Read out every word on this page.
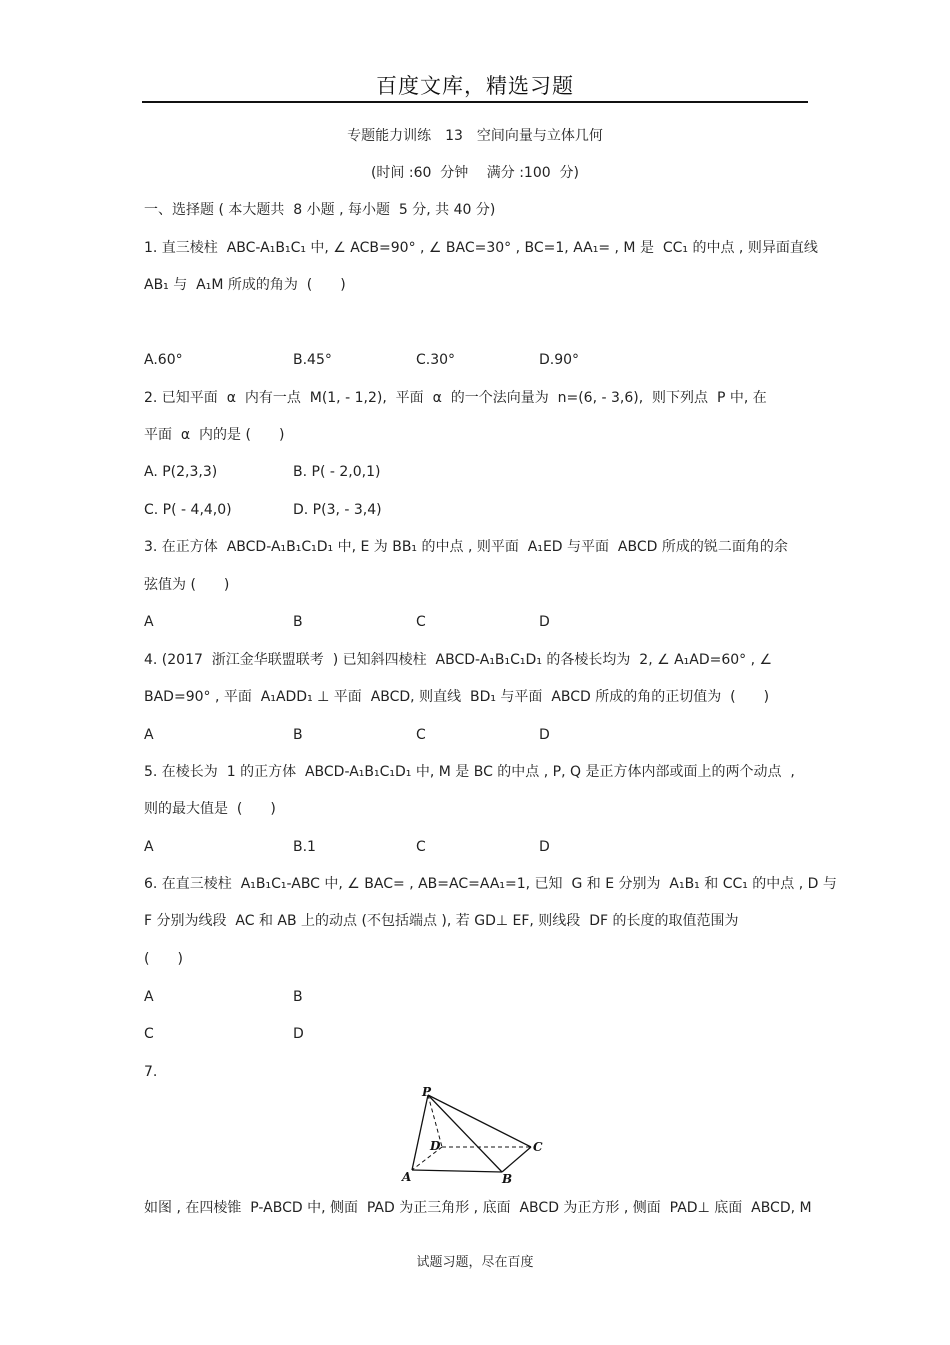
百度文库，精选习题
专题能力训练　13　空间向量与立体几何
(时间 :60  分钟　 满分 :100  分)
一、选择题 ( 本大题共  8 小题 , 每小题  5 分, 共 40 分)
1. 直三棱柱  ABC-A₁B₁C₁ 中, ∠ ACB=90° , ∠ BAC=30° , BC=1, AA₁= , M 是  CC₁ 的中点 , 则异面直线
AB₁ 与  A₁M 所成的角为  (　　)
A.60°	B.45°	C.30°	D.90°
2. 已知平面  α  内有一点  M(1, - 1,2),  平面  α  的一个法向量为  n=(6, - 3,6),  则下列点  P 中, 在
平面  α  内的是 (　　)
A. P(2,3,3)	B. P( - 2,0,1)
C. P( - 4,4,0)	D. P(3, - 3,4)
3. 在正方体  ABCD-A₁B₁C₁D₁ 中, E 为 BB₁ 的中点 , 则平面  A₁ED 与平面  ABCD 所成的锐二面角的余
弦值为 (　　)
A	B	C	D
4. (2017  浙江金华联盟联考  ) 已知斜四棱柱  ABCD-A₁B₁C₁D₁ 的各棱长均为  2, ∠ A₁AD=60° , ∠
BAD=90° , 平面  A₁ADD₁ ⊥ 平面  ABCD, 则直线  BD₁ 与平面  ABCD 所成的角的正切值为  (　　)
A	B	C	D
5. 在棱长为  1 的正方体  ABCD-A₁B₁C₁D₁ 中, M 是 BC 的中点 , P, Q 是正方体内部或面上的两个动点  ,
则的最大值是  (　　)
A	B.1	C	D
6. 在直三棱柱  A₁B₁C₁-ABC 中, ∠ BAC= , AB=AC=AA₁=1, 已知  G 和 E 分别为  A₁B₁ 和 CC₁ 的中点 , D 与
F 分别为线段  AC 和 AB 上的动点 (不包括端点 ), 若 GD⊥ EF, 则线段  DF 的长度的取值范围为
(　　)
A	B
C	D
7.
P
D	C
A	B
如图 , 在四棱锥  P-ABCD 中, 侧面  PAD 为正三角形 , 底面  ABCD 为正方形 , 侧面  PAD⊥ 底面  ABCD, M
试题习题，尽在百度
